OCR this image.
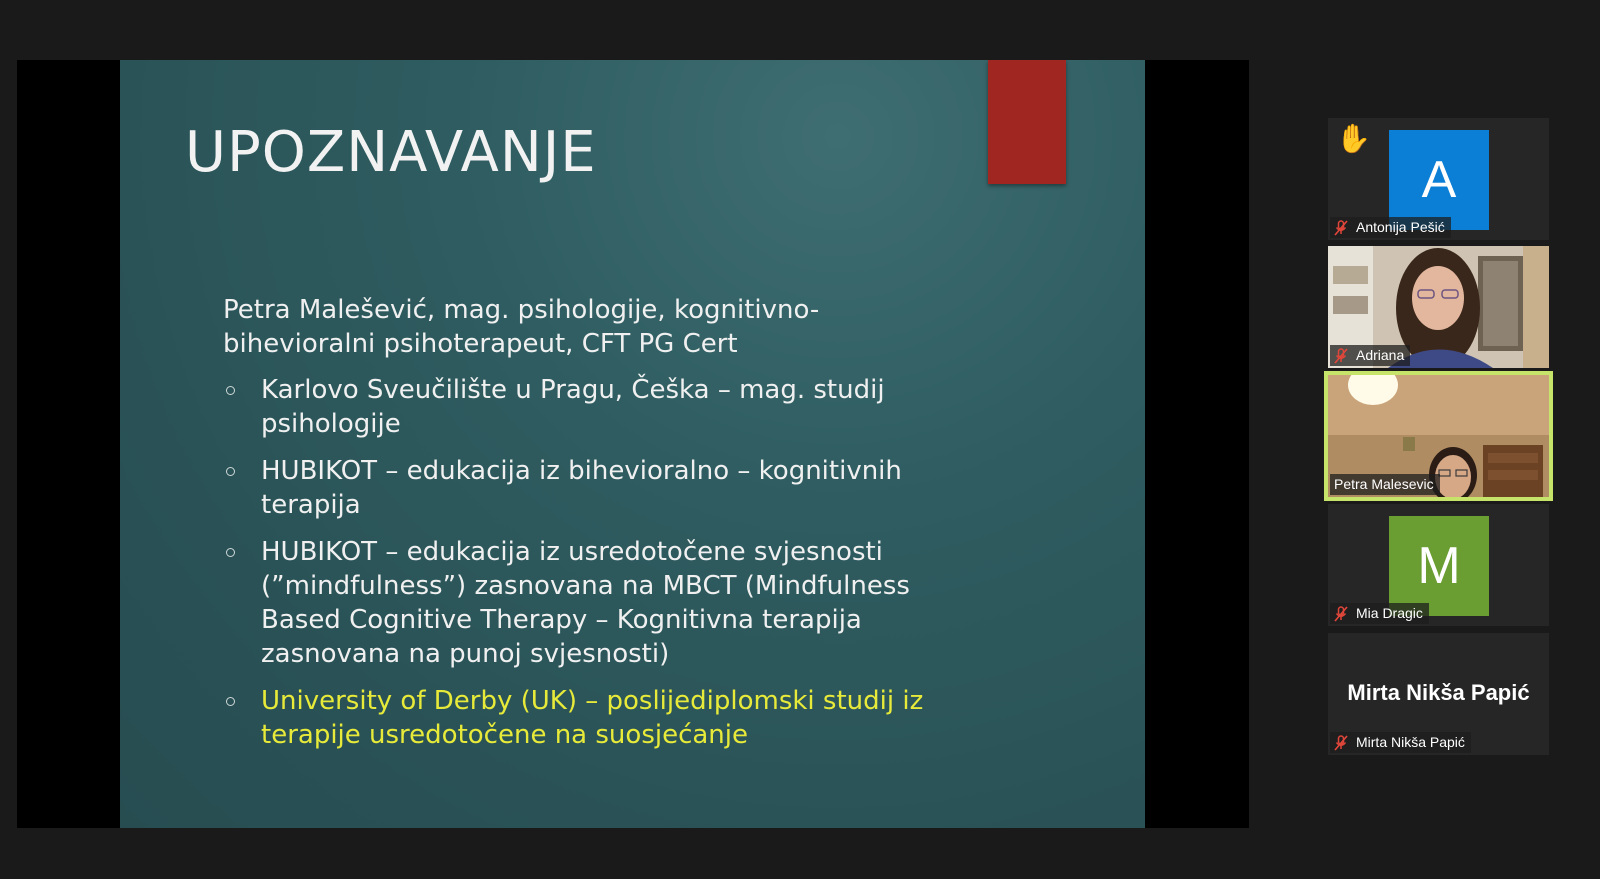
UPOZNAVANJE

Petra Malešević, mag. psihologije, kognitivno-bihevioralni psihoterapeut, CFT PG Cert

Karlovo Sveučilište u Pragu, Češka – mag. studij psihologije
HUBIKOT – edukacija iz bihevioralno – kognitivnih terapija
HUBIKOT – edukacija iz usredotočene svjesnosti (”mindfulness”) zasnovana na MBCT (Mindfulness Based Cognitive Therapy – Kognitivna terapija zasnovana na punoj svjesnosti)
University of Derby (UK) – poslijediplomski studij iz terapije usredotočene na suosjećanje
✋
A
Antonija Pešić
Adriana
Petra Malesevic
M
Mia Dragic
Mirta Nikša Papić
Mirta Nikša Papić
